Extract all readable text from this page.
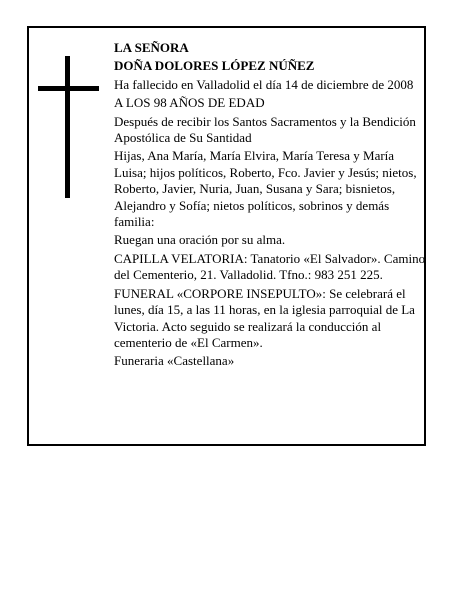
LA SEÑORA

DOÑA DOLORES LÓPEZ NÚÑEZ

Ha fallecido en Valladolid el día 14 de diciembre de 2008

A LOS 98 AÑOS DE EDAD

Después de recibir los Santos Sacramentos y la Bendición Apostólica de Su Santidad

Hijas, Ana María, María Elvira, María Teresa y María Luisa; hijos políticos, Roberto, Fco. Javier y Jesús; nietos, Roberto, Javier, Nuria, Juan, Susana y Sara; bisnietos, Alejandro y Sofía; nietos políticos, sobrinos y demás familia:

Ruegan una oración por su alma.

CAPILLA VELATORIA: Tanatorio «El Salvador». Camino del Cementerio, 21. Valladolid. Tfno.: 983 251 225.

FUNERAL «CORPORE INSEPULTO»: Se celebrará el lunes, día 15, a las 11 horas, en la iglesia parroquial de La Victoria. Acto seguido se realizará la conducción al cementerio de «El Carmen».

Funeraria «Castellana»
